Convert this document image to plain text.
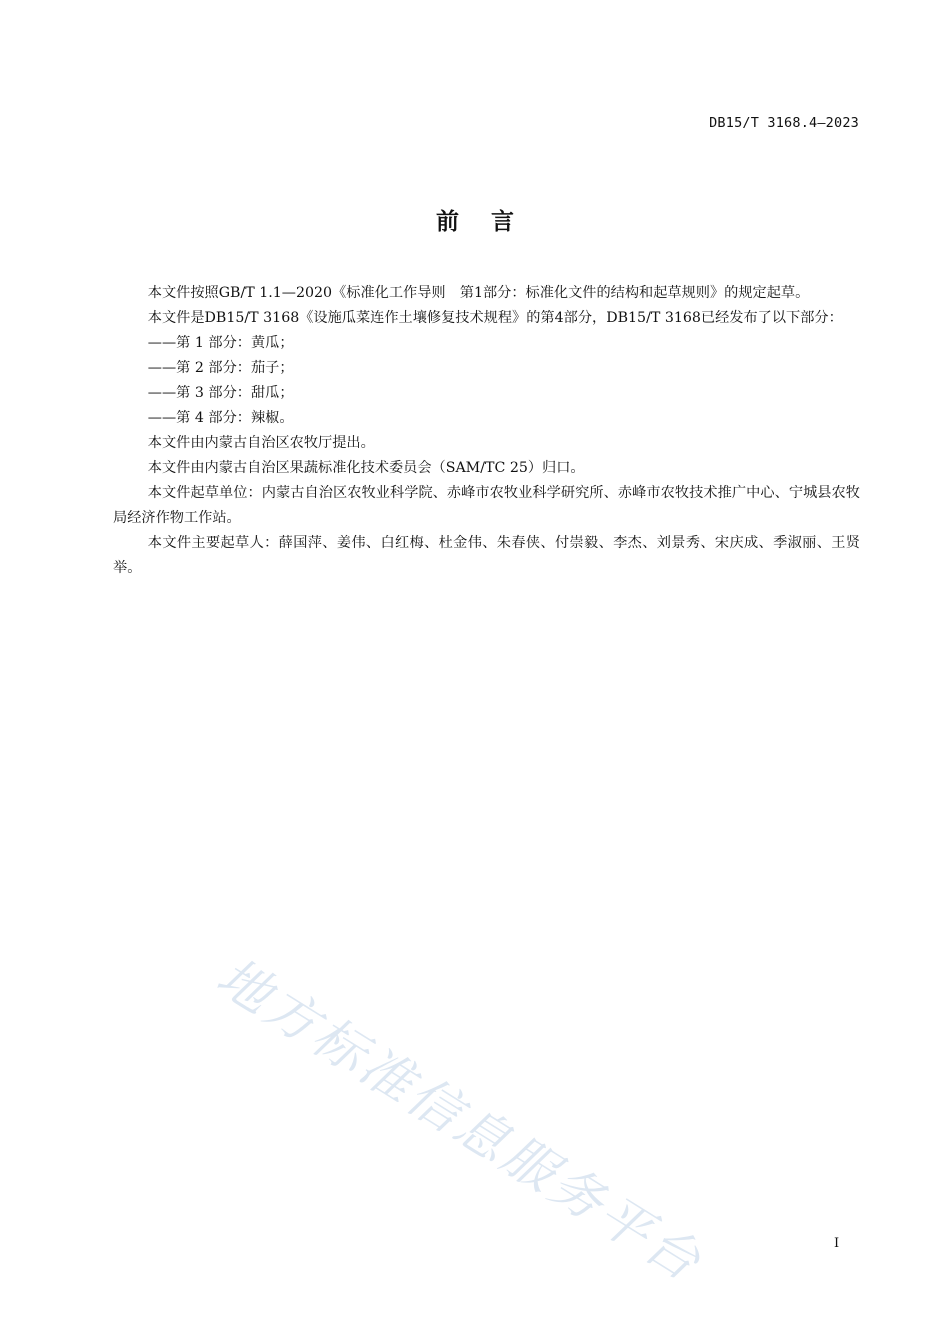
DB15/T 3168.4—2023
前    言

本文件按照GB/T 1.1—2020《标准化工作导则　第1部分：标准化文件的结构和起草规则》的规定起草。

本文件是DB15/T 3168《设施瓜菜连作土壤修复技术规程》的第4部分，DB15/T 3168已经发布了以下部分：

——第 1 部分：黄瓜；

——第 2 部分：茄子；

——第 3 部分：甜瓜；

——第 4 部分：辣椒。

本文件由内蒙古自治区农牧厅提出。

本文件由内蒙古自治区果蔬标准化技术委员会（SAM/TC 25）归口。

本文件起草单位：内蒙古自治区农牧业科学院、赤峰市农牧业科学研究所、赤峰市农牧技术推广中心、宁城县农牧局经济作物工作站。

本文件主要起草人：薛国萍、姜伟、白红梅、杜金伟、朱春侠、付崇毅、李杰、刘景秀、宋庆成、季淑丽、王贤举。

地方标准信息服务平台	I
